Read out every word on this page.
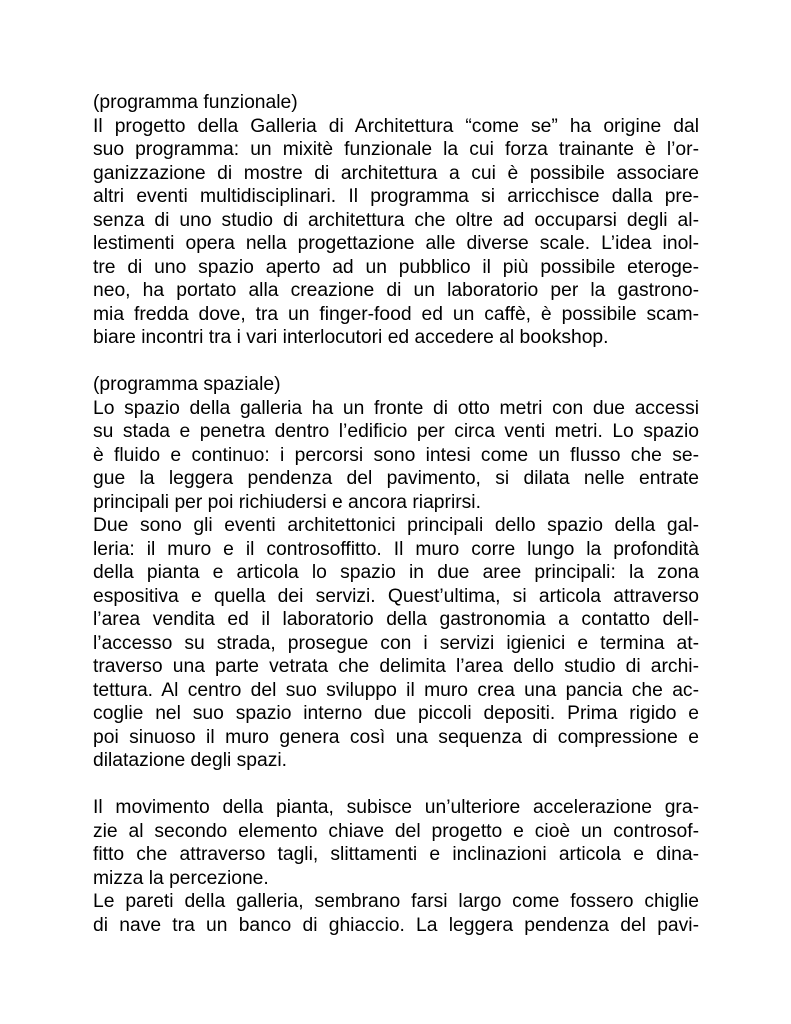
(programma funzionale)
Il progetto della Galleria di Architettura “come se” ha origine dal
suo programma: un mixitè funzionale la cui forza trainante è l’or-
ganizzazione di mostre di architettura a cui è possibile associare
altri eventi multidisciplinari. Il programma si arricchisce dalla pre-
senza di uno studio di architettura che oltre ad occuparsi degli al-
lestimenti opera nella progettazione alle diverse scale. L’idea inol-
tre di uno spazio aperto ad un pubblico il più possibile eteroge-
neo, ha portato alla creazione di un laboratorio per la gastrono-
mia fredda dove, tra un finger-food ed un caffè, è possibile scam-
biare incontri tra i vari interlocutori ed accedere al bookshop.
(programma spaziale)
Lo spazio della galleria ha un fronte di otto metri con due accessi
su stada e penetra dentro l’edificio per circa venti metri. Lo spazio
è fluido e continuo: i percorsi sono intesi come un flusso che se-
gue la leggera pendenza del pavimento, si dilata nelle entrate
principali per poi richiudersi e ancora riaprirsi.
Due sono gli eventi architettonici principali dello spazio della gal-
leria: il muro e il controsoffitto. Il muro corre lungo la profondità
della pianta e articola lo spazio in due aree principali: la zona
espositiva e quella dei servizi. Quest’ultima, si articola attraverso
l’area vendita ed il laboratorio della gastronomia a contatto dell-
l’accesso su strada, prosegue con i servizi igienici e termina at-
traverso una parte vetrata che delimita l’area dello studio di archi-
tettura. Al centro del suo sviluppo il muro crea una pancia che ac-
coglie nel suo spazio interno due piccoli depositi. Prima rigido e
poi sinuoso il muro genera così una sequenza di compressione e
dilatazione degli spazi.
Il movimento della pianta, subisce un’ulteriore accelerazione gra-
zie al secondo elemento chiave del progetto e cioè un controsof-
fitto che attraverso tagli, slittamenti e inclinazioni articola e dina-
mizza la percezione.
Le pareti della galleria, sembrano farsi largo come fossero chiglie
di nave tra un banco di ghiaccio. La leggera pendenza del pavi-
